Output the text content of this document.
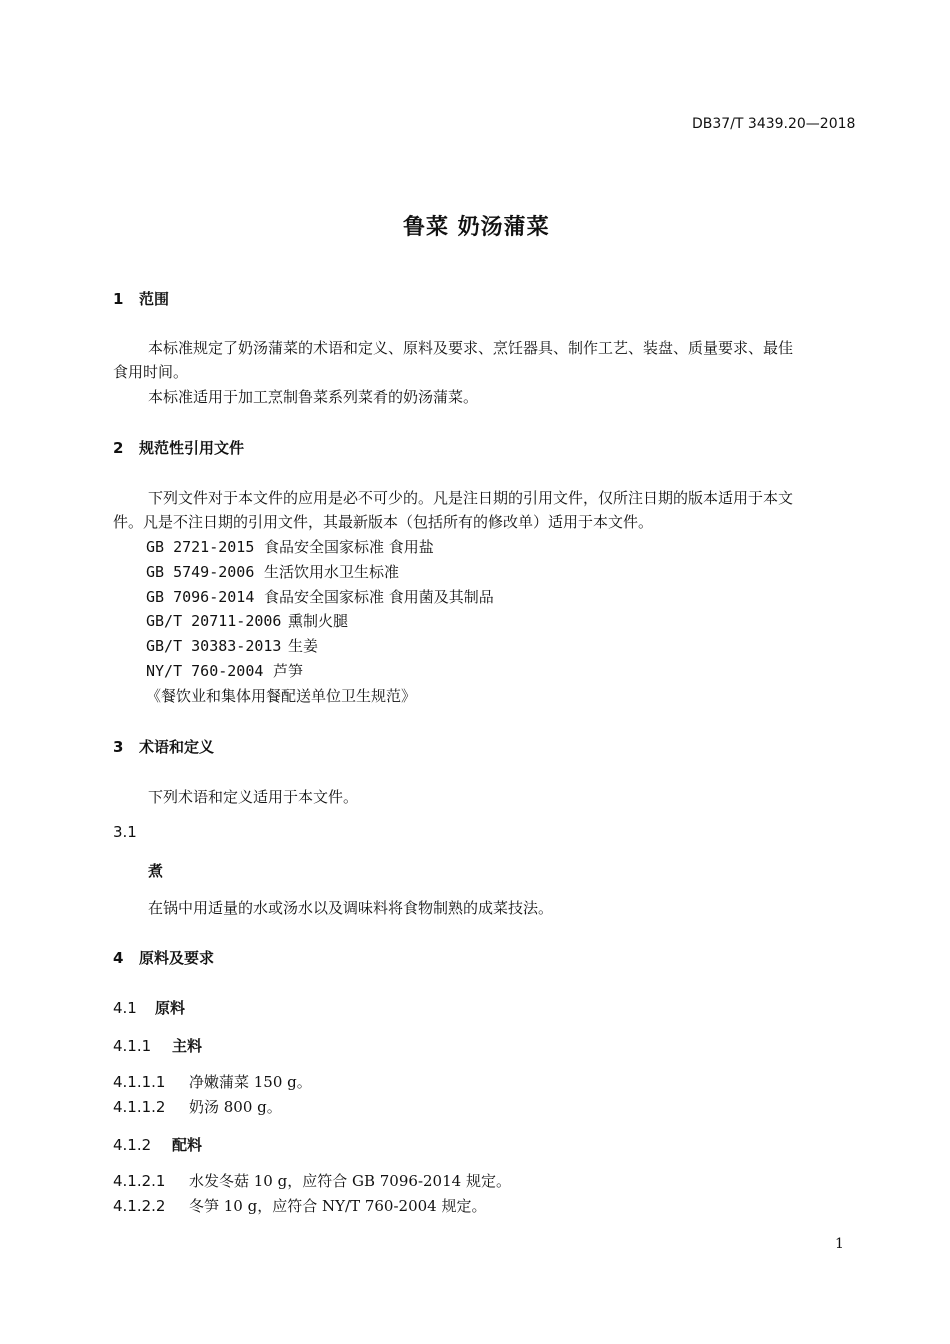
DB37/T 3439.20—2018
鲁菜 奶汤蒲菜
1 范围
本标准规定了奶汤蒲菜的术语和定义、原料及要求、烹饪器具、制作工艺、装盘、质量要求、最佳
食用时间。
本标准适用于加工烹制鲁菜系列菜肴的奶汤蒲菜。
2 规范性引用文件
下列文件对于本文件的应用是必不可少的。凡是注日期的引用文件，仅所注日期的版本适用于本文
件。凡是不注日期的引用文件，其最新版本（包括所有的修改单）适用于本文件。
GB 2721-2015 食品安全国家标准 食用盐
GB 5749-2006 生活饮用水卫生标准
GB 7096-2014 食品安全国家标准 食用菌及其制品
GB/T 20711-2006 熏制火腿
GB/T 30383-2013 生姜
NY/T 760-2004 芦笋
《餐饮业和集体用餐配送单位卫生规范》
3 术语和定义
下列术语和定义适用于本文件。
3.1
煮
在锅中用适量的水或汤水以及调味料将食物制熟的成菜技法。
4 原料及要求
4.1 原料
4.1.1 主料
4.1.1.1 净嫩蒲菜 150 g。
4.1.1.2 奶汤 800 g。
4.1.2 配料
4.1.2.1 水发冬菇 10 g，应符合 GB 7096-2014 规定。
4.1.2.2 冬笋 10 g，应符合 NY/T 760-2004 规定。
1
